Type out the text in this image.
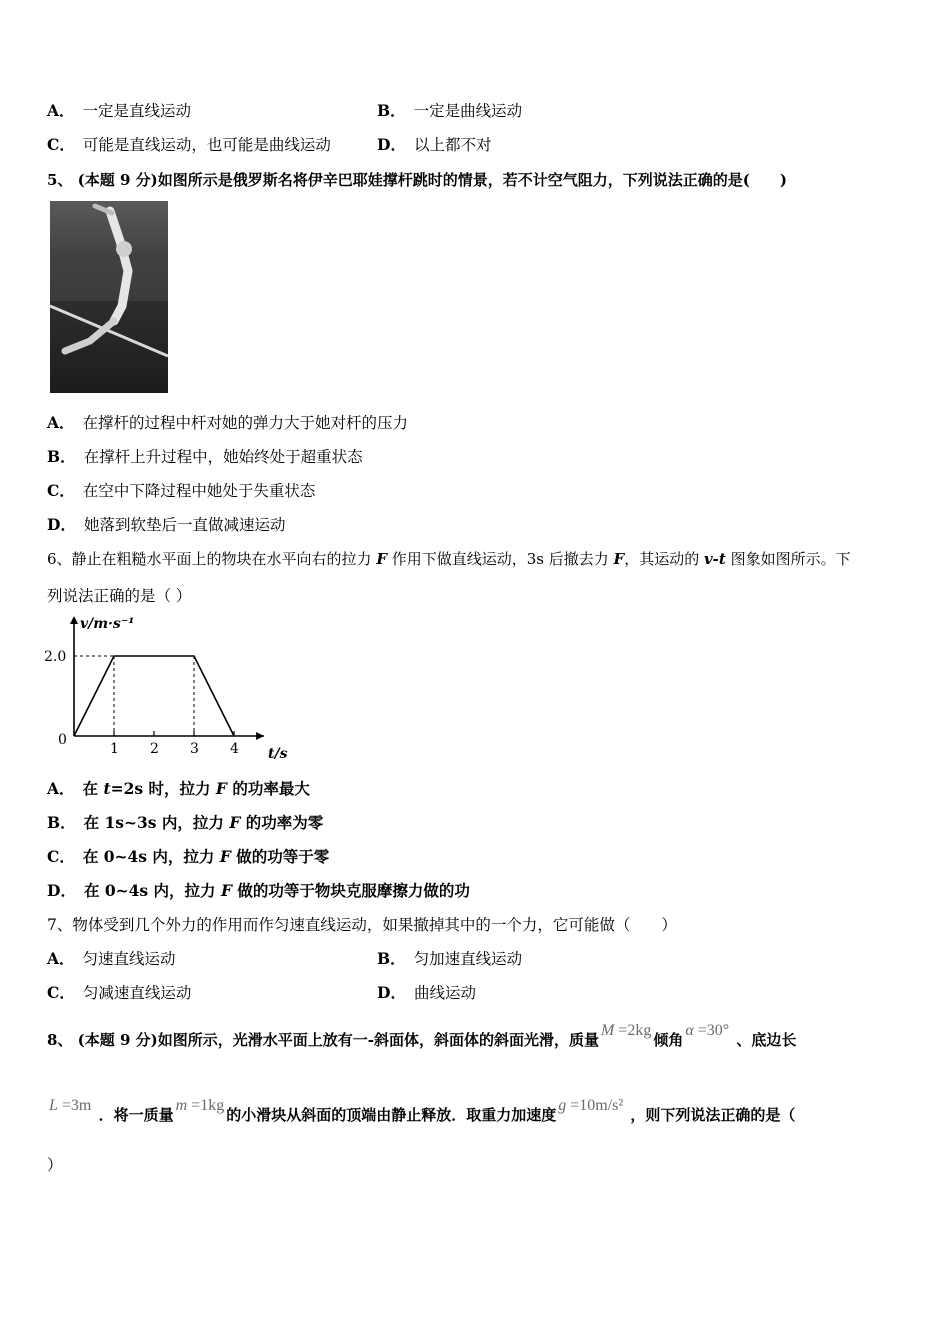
A． 一定是直线运动	B． 一定是曲线运动
C． 可能是直线运动，也可能是曲线运动	D． 以上都不对
5、 (本题 9 分)如图所示是俄罗斯名将伊辛巴耶娃撑杆跳时的情景，若不计空气阻力，下列说法正确的是(　　)
A． 在撑杆的过程中杆对她的弹力大于她对杆的压力
B． 在撑杆上升过程中，她始终处于超重状态
C． 在空中下降过程中她处于失重状态
D． 她落到软垫后一直做减速运动
6、静止在粗糙水平面上的物块在水平向右的拉力 F 作用下做直线运动，3s 后撤去力 F，其运动的 v-t 图象如图所示。下
列说法正确的是（ ）
v/m·s⁻¹
t/s
0
1 2 3 4
2.0
A． 在 t=2s 时，拉力 F 的功率最大
B． 在 1s~3s 内，拉力 F 的功率为零
C． 在 0~4s 内，拉力 F 做的功等于零
D． 在 0~4s 内，拉力 F 做的功等于物块克服摩擦力做的功
7、物体受到几个外力的作用而作匀速直线运动，如果撤掉其中的一个力，它可能做（　　）
A． 匀速直线运动	B． 匀加速直线运动
C． 匀减速直线运动	D． 曲线运动
8、 (本题 9 分)如图所示，光滑水平面上放有一-斜面体，斜面体的斜面光滑，质量M =2kg倾角α =30° 、底边长
L =3m ．将一质量m =1kg的小滑块从斜面的顶端由静止释放．取重力加速度g =10m/s² ，则下列说法正确的是（
）
